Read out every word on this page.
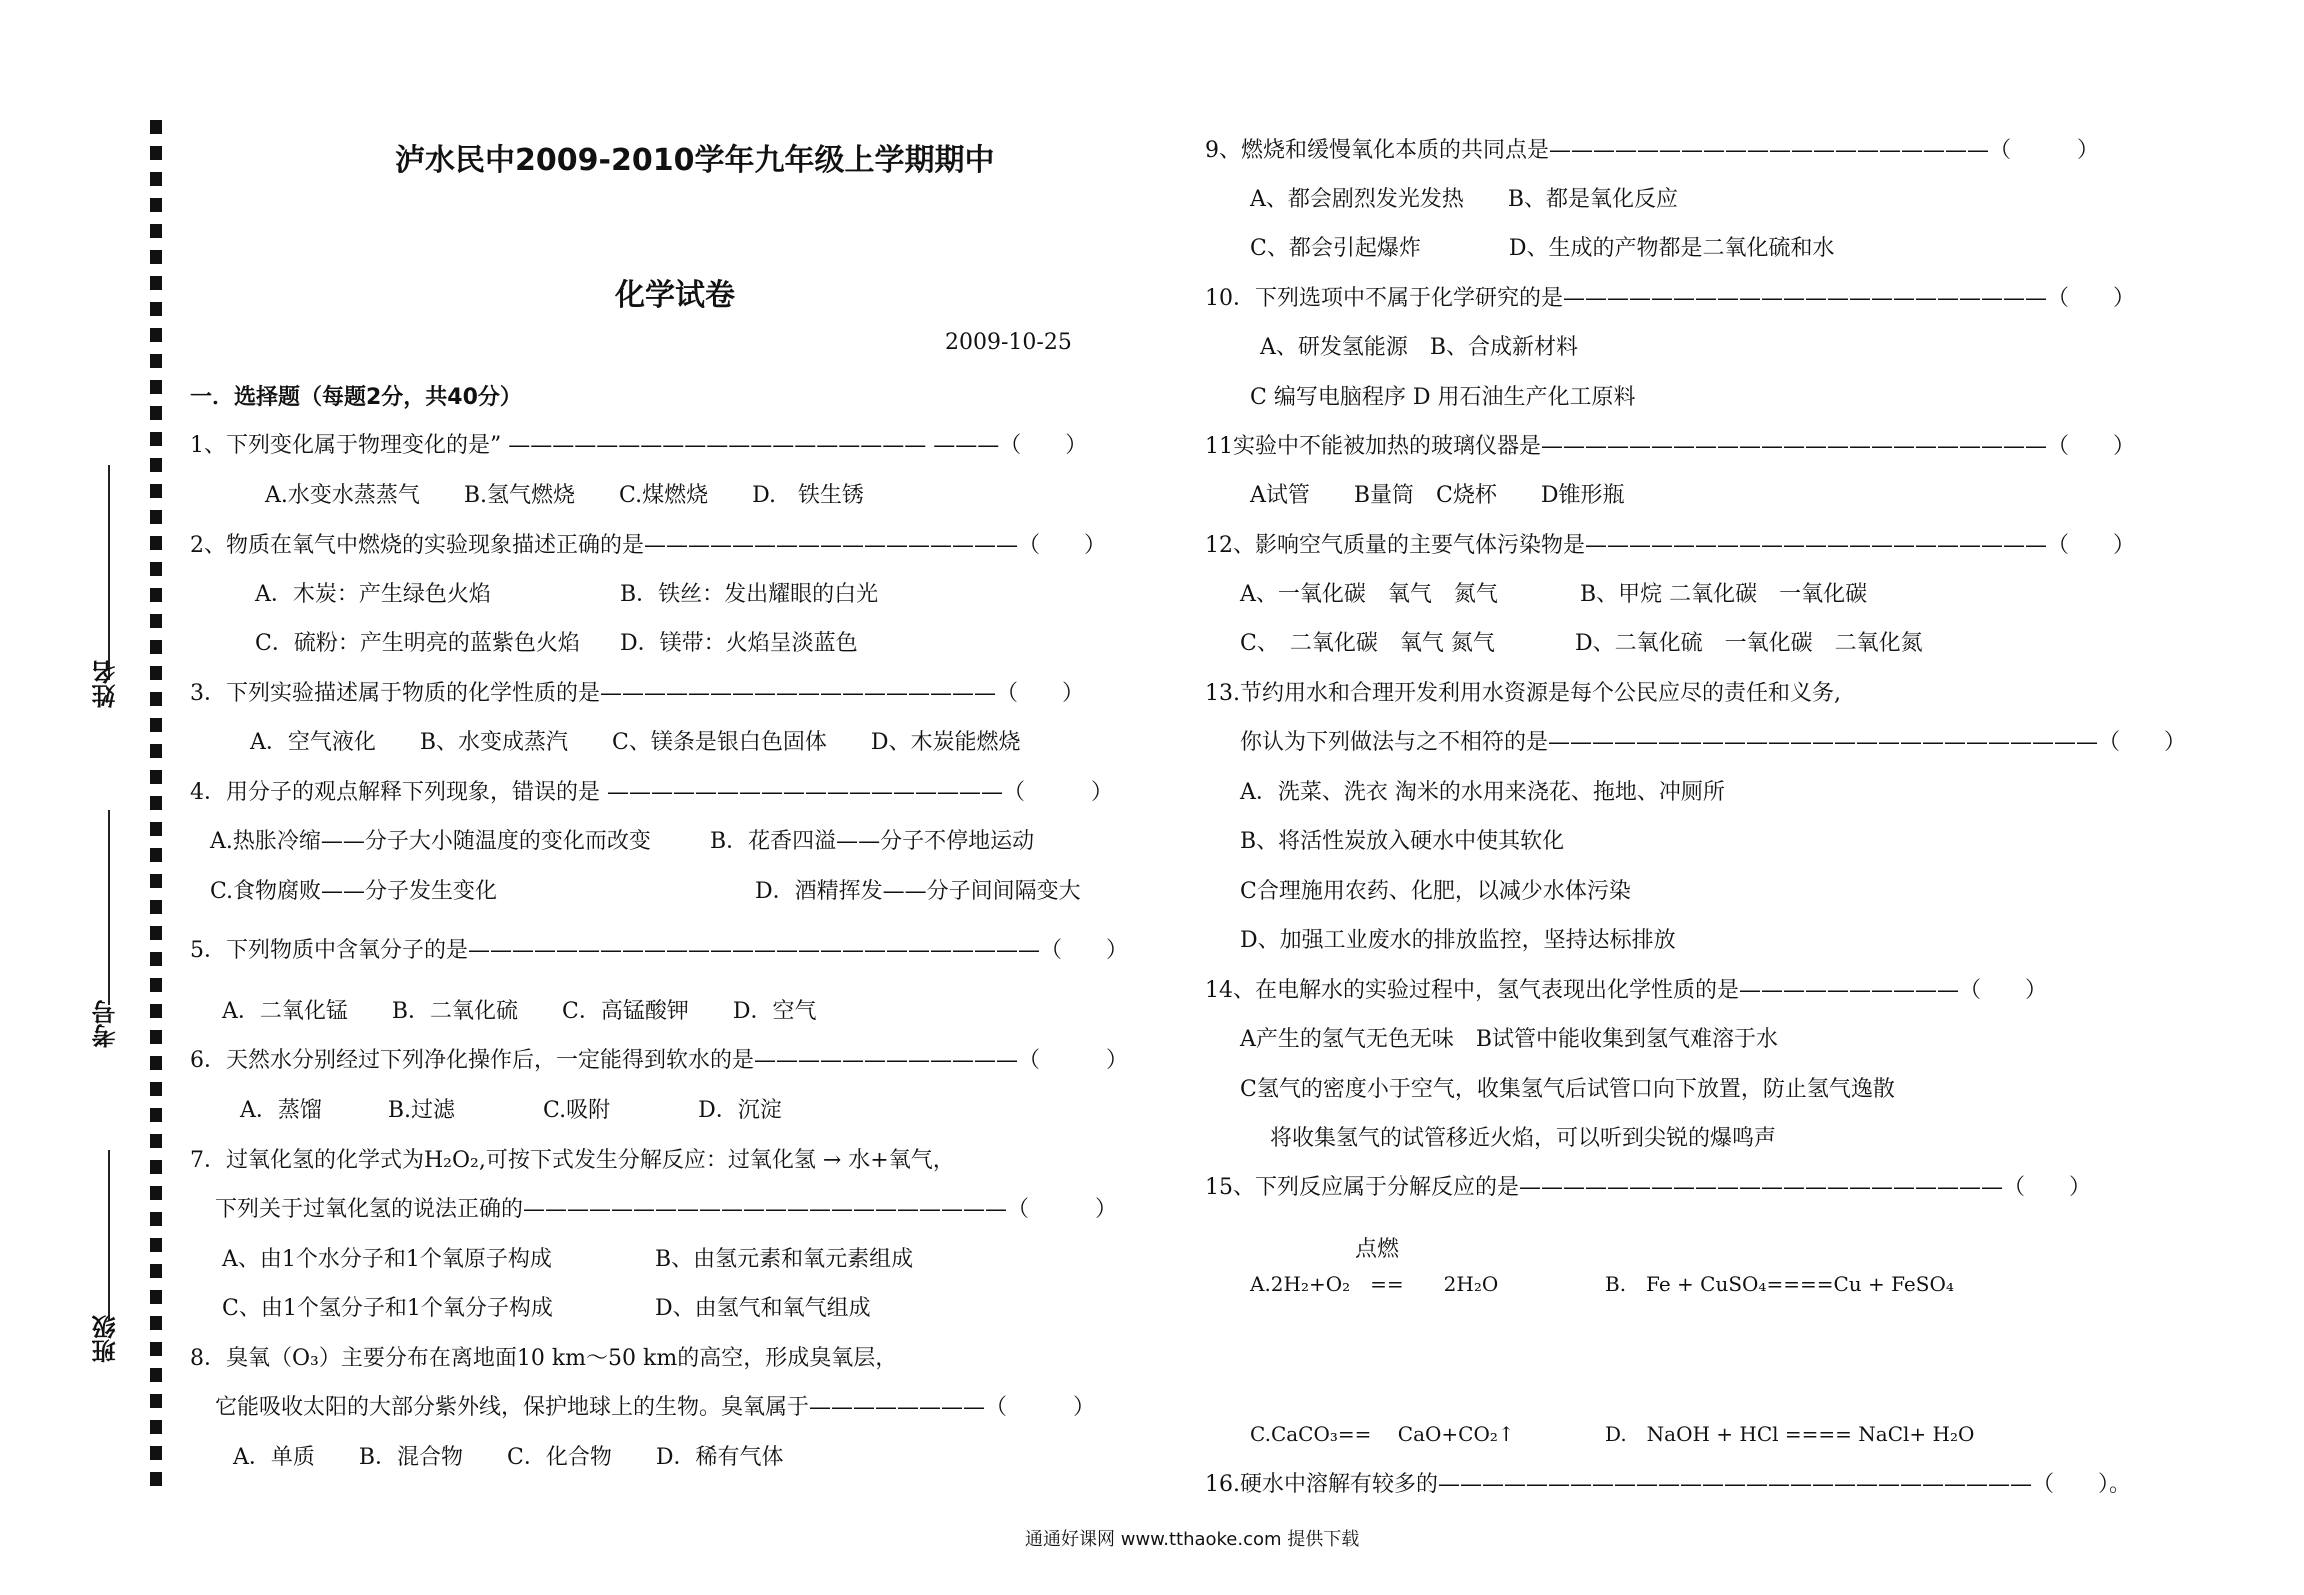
姓名
考号
班级
泸水民中2009-2010学年九年级上学期期中
化学试卷
2009-10-25
一．选择题（每题2分，共40分）
1、下列变化属于物理变化的是” ——————————————————— ———（　　）
A.水变水蒸蒸气　　B.氢气燃烧　　C.煤燃烧　　D.　铁生锈
2、物质在氧气中燃烧的实验现象描述正确的是—————————————————（　　）
A．木炭：产生绿色火焰	B．铁丝：发出耀眼的白光
C．硫粉：产生明亮的蓝紫色火焰 D．镁带：火焰呈淡蓝色
3．下列实验描述属于物质的化学性质的是——————————————————（　　）
A．空气液化　　B、水变成蒸汽　　C、镁条是银白色固体　　D、木炭能燃烧
4．用分子的观点解释下列现象，错误的是 ——————————————————（　　　）
A.热胀冷缩——分子大小随温度的变化而改变	B．花香四溢——分子不停地运动
C.食物腐败——分子发生变化	D．酒精挥发——分子间间隔变大
5．下列物质中含氧分子的是——————————————————————————（　　）
A．二氧化锰　　B．二氧化硫　　C．高锰酸钾　　D．空气
6．天然水分别经过下列净化操作后，一定能得到软水的是————————————（　　　）
A．蒸馏　　　B.过滤　　　　C.吸附　　　　D．沉淀
7．过氧化氢的化学式为H₂O₂,可按下式发生分解反应：过氧化氢 → 水+氧气，
下列关于过氧化氢的说法正确的——————————————————————（　　　）
A、由1个水分子和1个氧原子构成	B、由氢元素和氧元素组成
C、由1个氢分子和1个氧分子构成	D、由氢气和氧气组成
8．臭氧（O₃）主要分布在离地面10 km～50 km的高空，形成臭氧层，
它能吸收太阳的大部分紫外线，保护地球上的生物。臭氧属于————————（　　　）
A．单质　　B．混合物　　C．化合物　　D．稀有气体
9、燃烧和缓慢氧化本质的共同点是————————————————————（　　　）
A、都会剧烈发光发热　　B、都是氧化反应
C、都会引起爆炸　　　　D、生成的产物都是二氧化硫和水
10．下列选项中不属于化学研究的是——————————————————————（　　）
A、研发氢能源　B、合成新材料
C 编写电脑程序 D 用石油生产化工原料
11实验中不能被加热的玻璃仪器是———————————————————————（　　）
A试管　　B量筒　C烧杯　　D锥形瓶
12、影响空气质量的主要气体污染物是—————————————————————（　　）
A、一氧化碳　氧气　氮气	B、甲烷 二氧化碳　一氧化碳
C、　二氧化碳　氧气 氮气	D、二氧化硫　一氧化碳　二氧化氮
13.节约用水和合理开发利用水资源是每个公民应尽的责任和义务,
你认为下列做法与之不相符的是—————————————————————————（　　）
A．洗菜、洗衣 淘米的水用来浇花、拖地、冲厕所
B、将活性炭放入硬水中使其软化
C合理施用农药、化肥，以减少水体污染
D、加强工业废水的排放监控，坚持达标排放
14、在电解水的实验过程中，氢气表现出化学性质的是——————————（　　）
A产生的氢气无色无味　B试管中能收集到氢气难溶于水
C氢气的密度小于空气，收集氢气后试管口向下放置，防止氢气逸散
将收集氢气的试管移近火焰，可以听到尖锐的爆鸣声
15、下列反应属于分解反应的是——————————————————————（　　）
点燃
A.2H₂+O₂　==　　2H₂O	B.　Fe + CuSO₄====Cu + FeSO₄
C.CaCO₃==　 CaO+CO₂↑	D.　NaOH + HCl ==== NaCl+ H₂O
16.硬水中溶解有较多的———————————————————————————（　　）。
通通好课网 www.tthaoke.com 提供下载
